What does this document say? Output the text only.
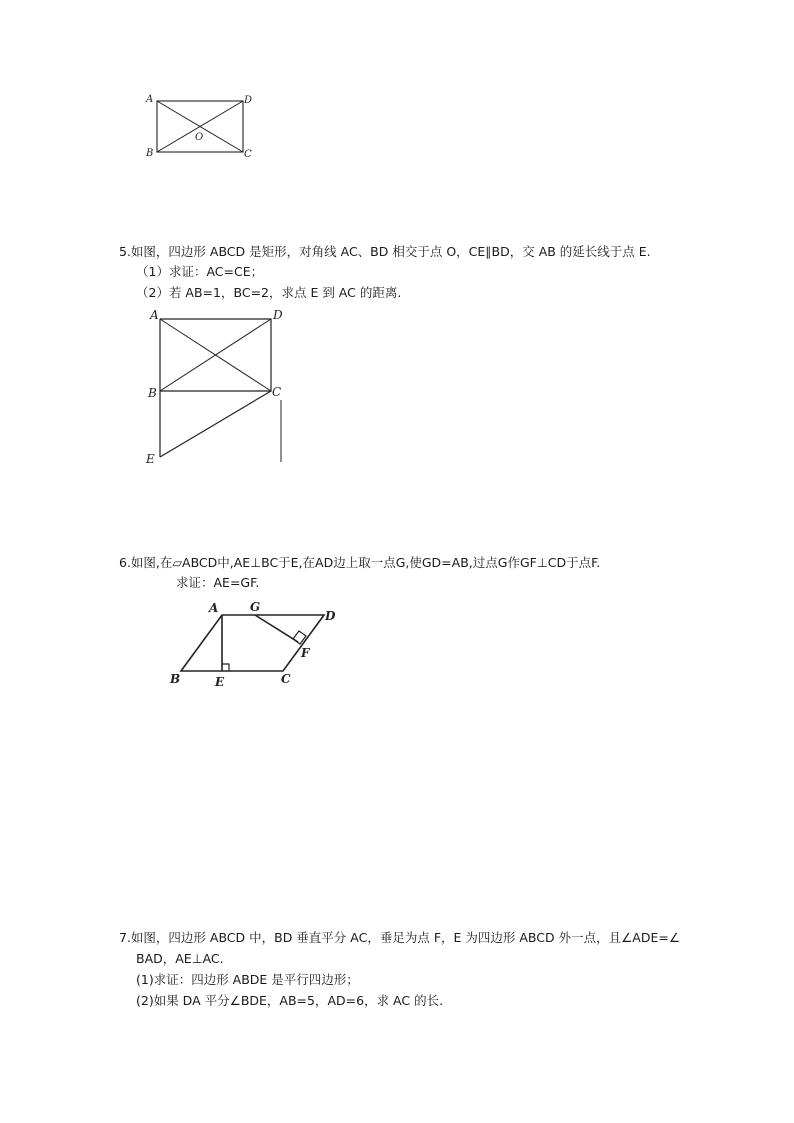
A	D
B	C
O
5.如图，四边形 ABCD 是矩形，对角线 AC、BD 相交于点 O，CE∥BD，交 AB 的延长线于点 E.
（1）求证：AC=CE；
（2）若 AB=1，BC=2，求点 E 到 AC 的距离.
A	D
B	C
E
6.如图,在▱ABCD中,AE⊥BC于E,在AD边上取一点G,使GD=AB,过点G作GF⊥CD于点F.
求证：AE=GF.
A	G
D
F
B	E	C
7.如图，四边形 ABCD 中，BD 垂直平分 AC，垂足为点 F，E 为四边形 ABCD 外一点，且∠ADE=∠
BAD，AE⊥AC.
(1)求证：四边形 ABDE 是平行四边形；
(2)如果 DA 平分∠BDE，AB=5，AD=6，求 AC 的长.
